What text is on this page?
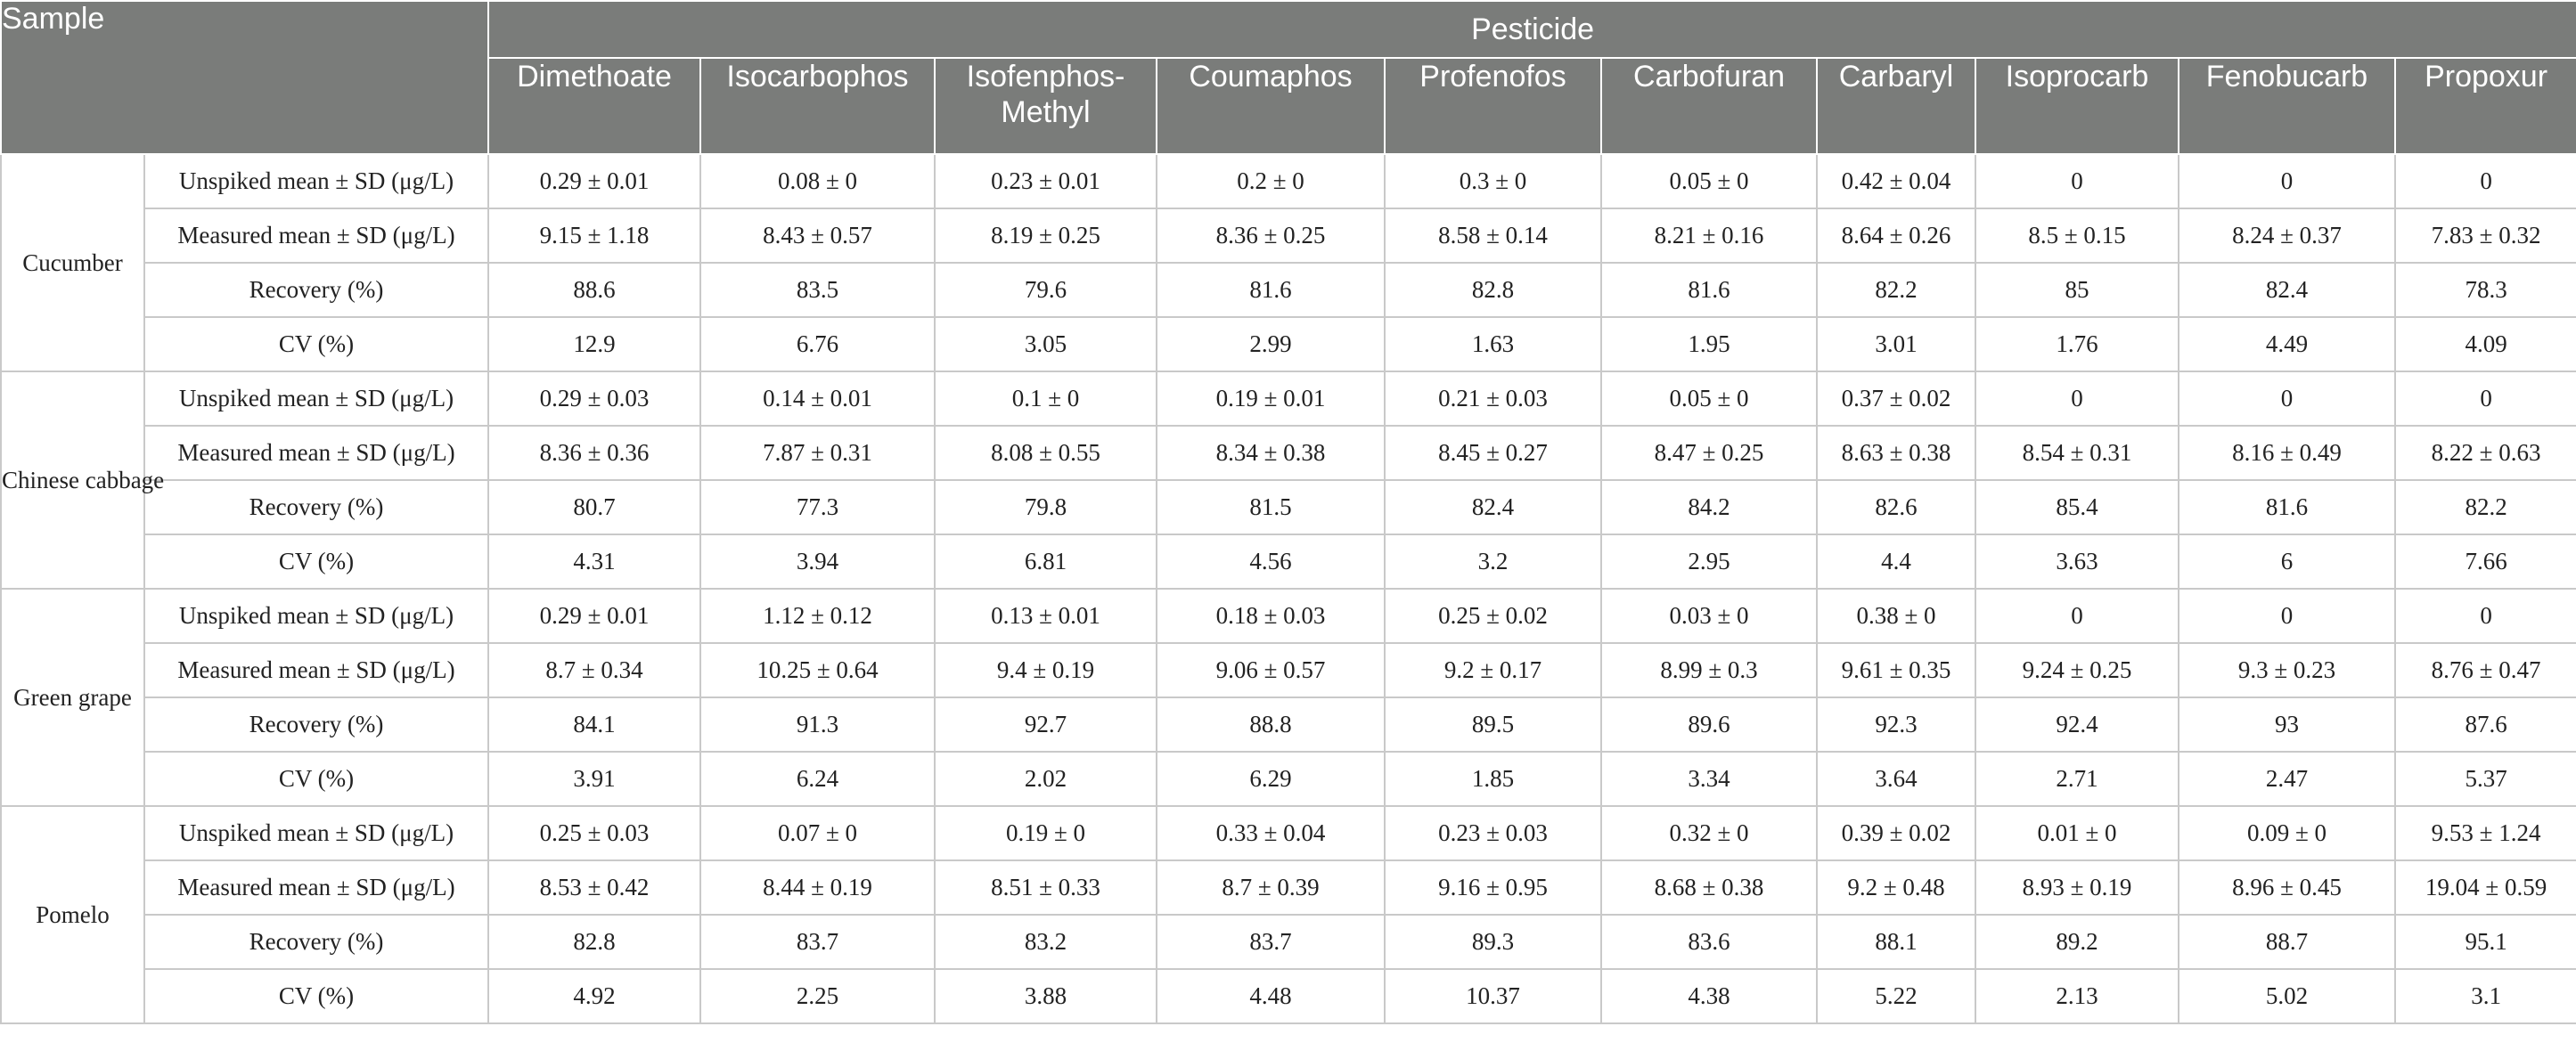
Sample		Pesticide									
		Dimethoate	Isocarbophos	Isofenphos-Methyl	Coumaphos	Profenofos	Carbofuran	Carbaryl	Isoprocarb	Fenobucarb	Propoxur
Cucumber	Unspiked mean ± SD (μg/L)	0.29 ± 0.01	0.08 ± 0	0.23 ± 0.01	0.2 ± 0	0.3 ± 0	0.05 ± 0	0.42 ± 0.04	0	0	0
	Measured mean ± SD (μg/L)	9.15 ± 1.18	8.43 ± 0.57	8.19 ± 0.25	8.36 ± 0.25	8.58 ± 0.14	8.21 ± 0.16	8.64 ± 0.26	8.5 ± 0.15	8.24 ± 0.37	7.83 ± 0.32
	Recovery (%)	88.6	83.5	79.6	81.6	82.8	81.6	82.2	85	82.4	78.3
	CV (%)	12.9	6.76	3.05	2.99	1.63	1.95	3.01	1.76	4.49	4.09
Chinese cabbage	Unspiked mean ± SD (μg/L)	0.29 ± 0.03	0.14 ± 0.01	0.1 ± 0	0.19 ± 0.01	0.21 ± 0.03	0.05 ± 0	0.37 ± 0.02	0	0	0
	Measured mean ± SD (μg/L)	8.36 ± 0.36	7.87 ± 0.31	8.08 ± 0.55	8.34 ± 0.38	8.45 ± 0.27	8.47 ± 0.25	8.63 ± 0.38	8.54 ± 0.31	8.16 ± 0.49	8.22 ± 0.63
	Recovery (%)	80.7	77.3	79.8	81.5	82.4	84.2	82.6	85.4	81.6	82.2
	CV (%)	4.31	3.94	6.81	4.56	3.2	2.95	4.4	3.63	6	7.66
Green grape	Unspiked mean ± SD (μg/L)	0.29 ± 0.01	1.12 ± 0.12	0.13 ± 0.01	0.18 ± 0.03	0.25 ± 0.02	0.03 ± 0	0.38 ± 0	0	0	0
	Measured mean ± SD (μg/L)	8.7 ± 0.34	10.25 ± 0.64	9.4 ± 0.19	9.06 ± 0.57	9.2 ± 0.17	8.99 ± 0.3	9.61 ± 0.35	9.24 ± 0.25	9.3 ± 0.23	8.76 ± 0.47
	Recovery (%)	84.1	91.3	92.7	88.8	89.5	89.6	92.3	92.4	93	87.6
	CV (%)	3.91	6.24	2.02	6.29	1.85	3.34	3.64	2.71	2.47	5.37
Pomelo	Unspiked mean ± SD (μg/L)	0.25 ± 0.03	0.07 ± 0	0.19 ± 0	0.33 ± 0.04	0.23 ± 0.03	0.32 ± 0	0.39 ± 0.02	0.01 ± 0	0.09 ± 0	9.53 ± 1.24
	Measured mean ± SD (μg/L)	8.53 ± 0.42	8.44 ± 0.19	8.51 ± 0.33	8.7 ± 0.39	9.16 ± 0.95	8.68 ± 0.38	9.2 ± 0.48	8.93 ± 0.19	8.96 ± 0.45	19.04 ± 0.59
	Recovery (%)	82.8	83.7	83.2	83.7	89.3	83.6	88.1	89.2	88.7	95.1
	CV (%)	4.92	2.25	3.88	4.48	10.37	4.38	5.22	2.13	5.02	3.1
